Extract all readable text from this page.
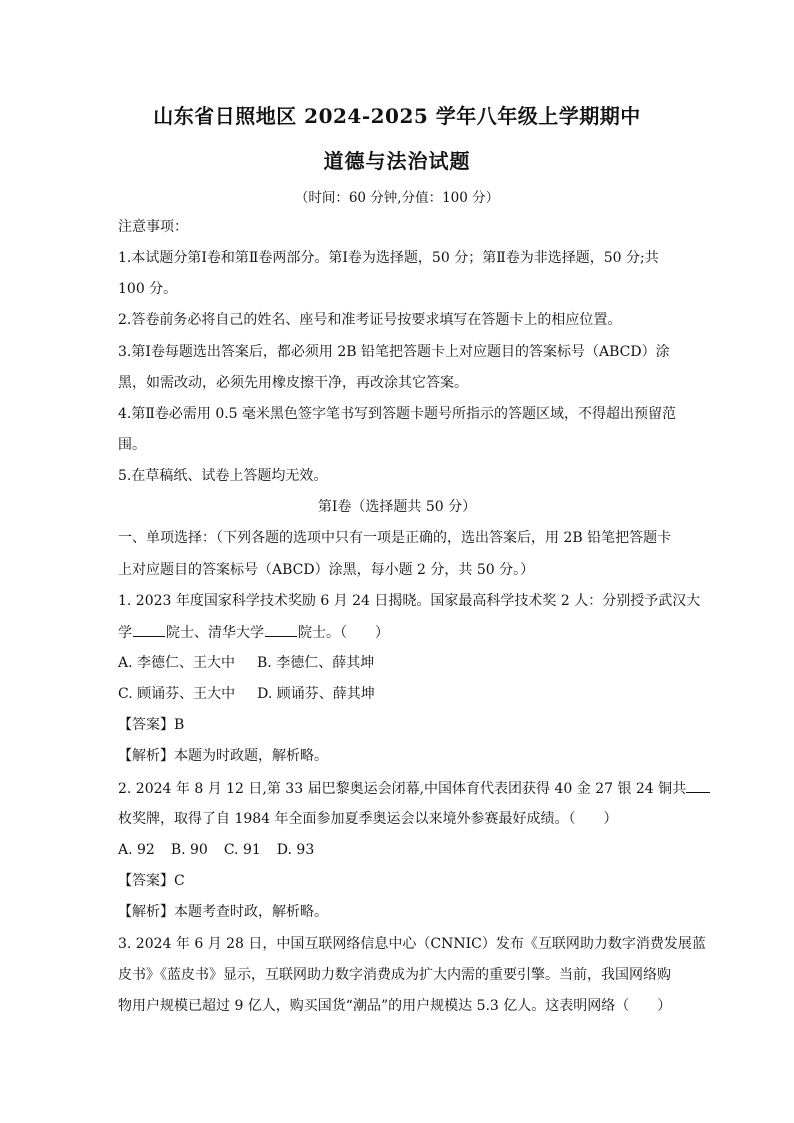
山东省日照地区 2024-2025 学年八年级上学期期中
道德与法治试题
（时间：60 分钟,分值：100 分）
注意事项：
1.本试题分第Ⅰ卷和第Ⅱ卷两部分。第Ⅰ卷为选择题，50 分；第Ⅱ卷为非选择题，50 分;共
100 分。
2.答卷前务必将自己的姓名、座号和准考证号按要求填写在答题卡上的相应位置。
3.第Ⅰ卷每题选出答案后，都必须用 2B 铅笔把答题卡上对应题目的答案标号（ABCD）涂
黑，如需改动，必须先用橡皮擦干净，再改涂其它答案。
4.第Ⅱ卷必需用 0.5 毫米黑色签字笔书写到答题卡题号所指示的答题区域，不得超出预留范
围。
5.在草稿纸、试卷上答题均无效。
第Ⅰ卷（选择题共 50 分）
一、单项选择：（下列各题的选项中只有一项是正确的，选出答案后，用 2B 铅笔把答题卡
上对应题目的答案标号（ABCD）涂黑，每小题 2 分，共 50 分。）
1. 2023 年度国家科学技术奖励 6 月 24 日揭晓。国家最高科学技术奖 2 人：分别授予武汉大
学 院士、清华大学 院士。（　　）
A. 李德仁、王大中 B. 李德仁、薛其坤
C. 顾诵芬、王大中 D. 顾诵芬、薛其坤
【答案】B
【解析】本题为时政题，解析略。
2. 2024 年 8 月 12 日,第 33 届巴黎奥运会闭幕,中国体育代表团获得 40 金 27 银 24 铜共
枚奖牌，取得了自 1984 年全面参加夏季奥运会以来境外参赛最好成绩。（　　）
A. 92 B. 90 C. 91 D. 93
【答案】C
【解析】本题考查时政，解析略。
3. 2024 年 6 月 28 日，中国互联网络信息中心（CNNIC）发布《互联网助力数字消费发展蓝
皮书》《蓝皮书》显示，互联网助力数字消费成为扩大内需的重要引擎。当前，我国网络购
物用户规模已超过 9 亿人，购买国货“潮品”的用户规模达 5.3 亿人。这表明网络（　　）
